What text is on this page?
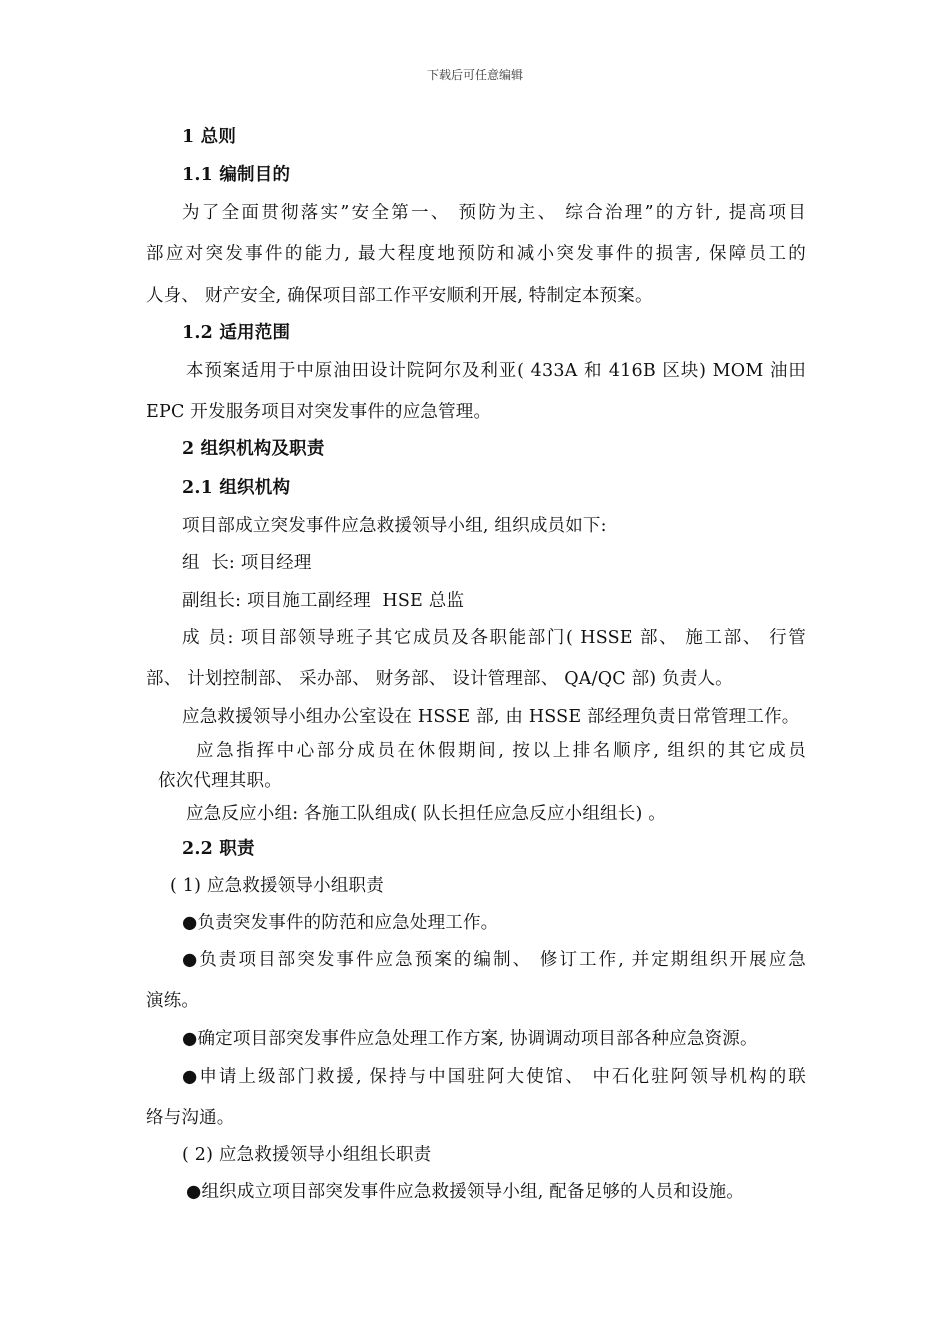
下载后可任意编辑
1 总则
1.1 编制目的
为了全面贯彻落实”安全第一、 预防为主、 综合治理”的方针, 提高项目
部应对突发事件的能力, 最大程度地预防和减小突发事件的损害, 保障员工的
人身、 财产安全, 确保项目部工作平安顺利开展, 特制定本预案。
1.2 适用范围
本预案适用于中原油田设计院阿尔及利亚( 433A 和 416B 区块) MOM 油田
EPC 开发服务项目对突发事件的应急管理。
2 组织机构及职责
2.1 组织机构
项目部成立突发事件应急救援领导小组, 组织成员如下:
组  长: 项目经理
副组长: 项目施工副经理  HSE 总监
成 员: 项目部领导班子其它成员及各职能部门( HSSE 部、 施工部、 行管
部、 计划控制部、 采办部、 财务部、 设计管理部、 QA/QC 部) 负责人。
应急救援领导小组办公室设在 HSSE 部, 由 HSSE 部经理负责日常管理工作。
应急指挥中心部分成员在休假期间, 按以上排名顺序, 组织的其它成员
依次代理其职。
应急反应小组: 各施工队组成( 队长担任应急反应小组组长) 。
2.2 职责
( 1) 应急救援领导小组职责
●负责突发事件的防范和应急处理工作。
●负责项目部突发事件应急预案的编制、 修订工作, 并定期组织开展应急
演练。
●确定项目部突发事件应急处理工作方案, 协调调动项目部各种应急资源。
●申请上级部门救援, 保持与中国驻阿大使馆、 中石化驻阿领导机构的联
络与沟通。
( 2) 应急救援领导小组组长职责
●组织成立项目部突发事件应急救援领导小组, 配备足够的人员和设施。
